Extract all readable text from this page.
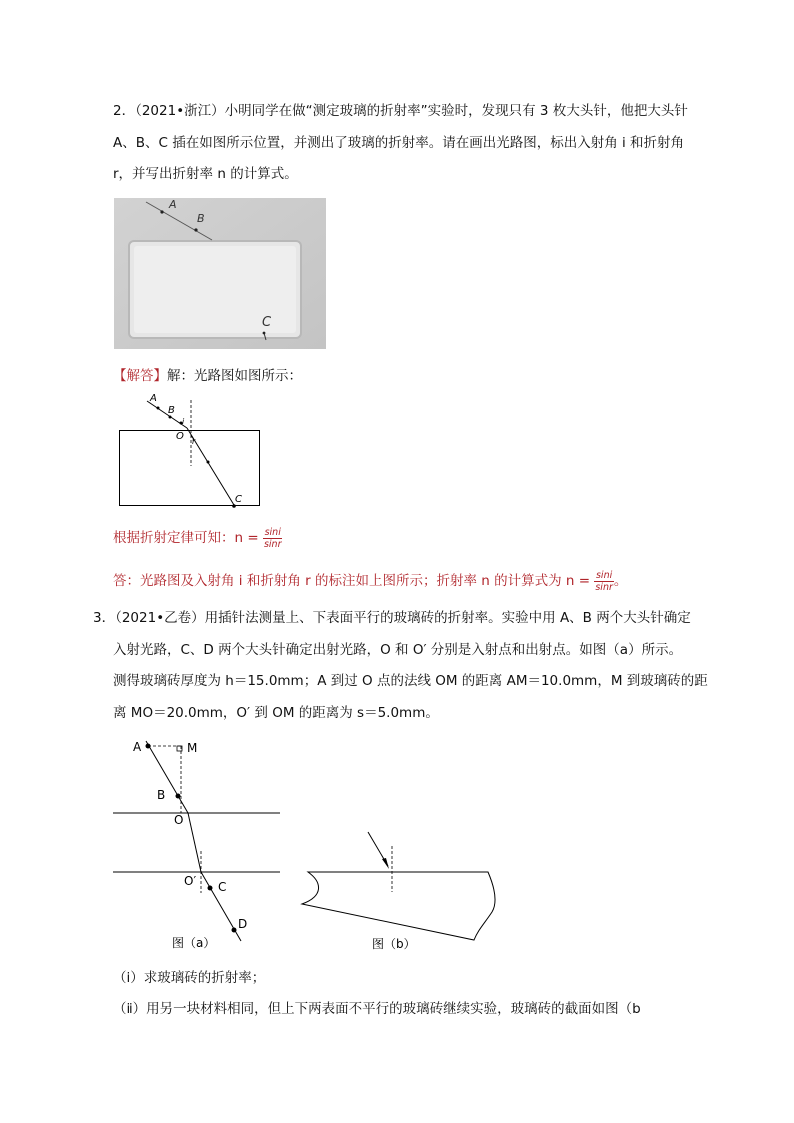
2．（2021•浙江）小明同学在做“测定玻璃的折射率”实验时，发现只有 3 枚大头针，他把大头针
A、B、C 插在如图所示位置，并测出了玻璃的折射率。请在画出光路图，标出入射角 i 和折射角
r，并写出折射率 n 的计算式。
A
B
C
【解答】解：光路图如图所示：
A
B
i
O r
C
根据折射定律可知：$n = \frac{\sin i}{\sin r}$
答：光路图及入射角 i 和折射角 r 的标注如上图所示；折射率 n 的计算式为 $n = \frac{\sin i}{\sin r}$ 。
3．（2021•乙卷）用插针法测量上、下表面平行的玻璃砖的折射率。实验中用 A、B 两个大头针确定
入射光路，C、D 两个大头针确定出射光路，O 和 O′ 分别是入射点和出射点。如图（a）所示。
测得玻璃砖厚度为 h＝15.0mm；A 到过 O 点的法线 OM 的距离 AM＝10.0mm，M 到玻璃砖的距
离 MO＝20.0mm，O′ 到 OM 的距离为 s＝5.0mm。
A	M
B
O
O′ C
D
图（a）	图（b）
（ⅰ）求玻璃砖的折射率；
（ⅱ）用另一块材料相同，但上下两表面不平行的玻璃砖继续实验，玻璃砖的截面如图（b
